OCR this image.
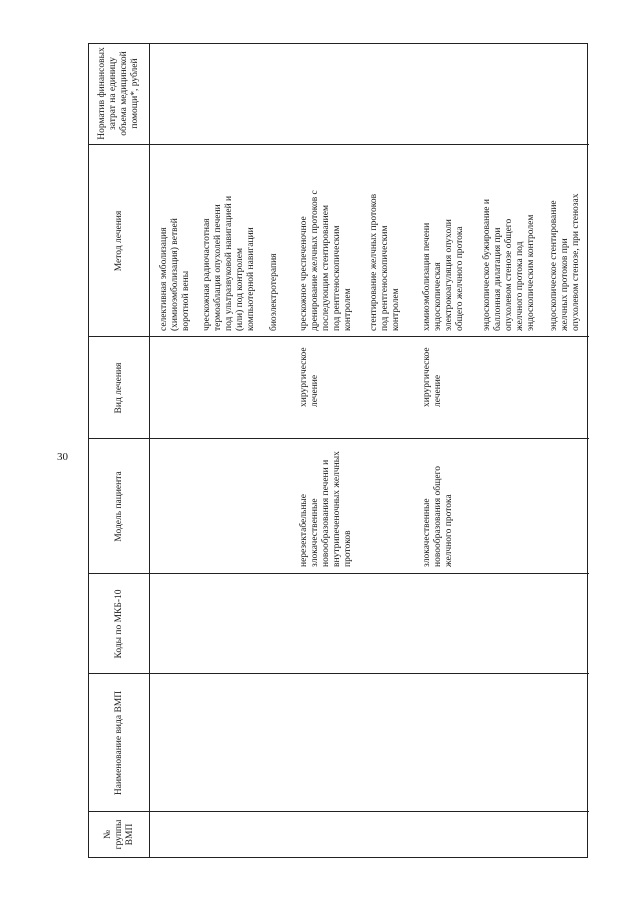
30
№ группы ВМП
Наименование вида ВМП
Коды по МКБ-10
Модель пациента
Вид лечения
Метод лечения
Норматив финансовых затрат на единицу объема медицинской помощи*, рублей
селективная эмболизация (химиоэмболизация) ветвей воротной вены чрескожная радиочастотная термоаблация опухолей печени под ультразвуковой навигацией и (или) под контролем компьютерной навигации биоэлектротерапия
нерезектабельные злокачественные новообразования печени и внутрипеченочных желчных протоков
хирургическое лечение
чрескожное чреспеченочное дренирование желчных протоков с последующим стентированием под рентгеноскопическим контролем стентирование желчных протоков под рентгеноскопическим контролем
злокачественные новообразования общего желчного протока
хирургическое лечение
химиоэмболизация печени эндоскопическая электрокоагуляция опухоли общего желчного протока эндоскопическое бужирование и баллонная дилатация при опухолевом стенозе общего желчного протока под эндоскопическим контролем эндоскопическое стентирование желчных протоков при опухолевом стенозе, при стенозах
